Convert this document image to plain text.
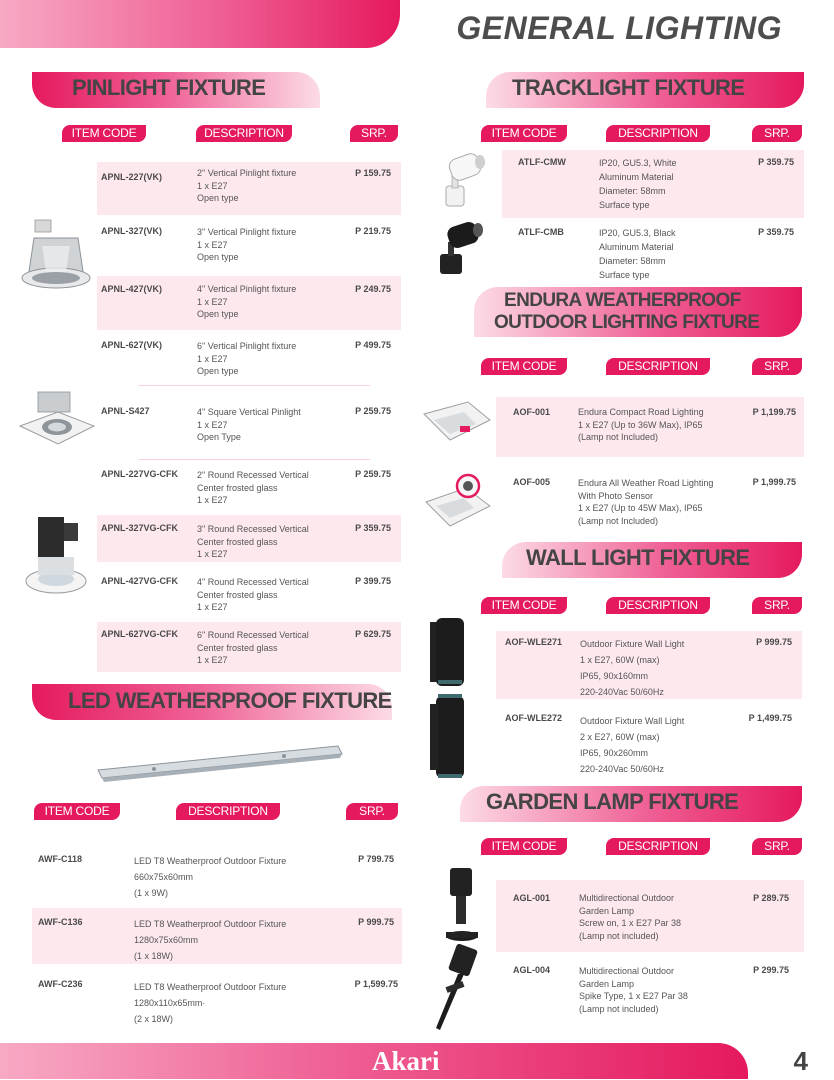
GENERAL LIGHTING
PINLIGHT FIXTURE
ITEM CODE	DESCRIPTION	SRP.
APNL-227(VK)	2" Vertical Pinlight fixture
1 x E27
Open type
P 159.75
APNL-327(VK)	3" Vertical Pinlight fixture
1 x E27
Open type
P 219.75
APNL-427(VK)	4" Vertical Pinlight fixture
1 x E27
Open type
P 249.75
APNL-627(VK)	6" Vertical Pinlight fixture
1 x E27
Open type
P 499.75
APNL-S427	4" Square Vertical Pinlight
1 x E27
Open Type
P 259.75
APNL-227VG-CFK 2" Round Recessed Vertical
Center frosted glass
1 x E27
P 259.75
APNL-327VG-CFK 3" Round Recessed Vertical
Center frosted glass
1 x E27
P 359.75
APNL-427VG-CFK 4" Round Recessed Vertical
Center frosted glass
1 x E27
P 399.75
APNL-627VG-CFK 6" Round Recessed Vertical
Center frosted glass
1 x E27
P 629.75
LED WEATHERPROOF FIXTURE
ITEM CODE	DESCRIPTION	SRP.
AWF-C118	LED T8 Weatherproof Outdoor Fixture
660x75x60mm
(1 x 9W)
P 799.75
AWF-C136	LED T8 Weatherproof Outdoor Fixture
1280x75x60mm
(1 x 18W)
P 999.75
AWF-C236	LED T8 Weatherproof Outdoor Fixture
1280x110x65mm·
(2 x 18W)
P 1,599.75
TRACKLIGHT FIXTURE
ITEM CODE	DESCRIPTION	SRP.
ATLF-CMW	IP20, GU5.3, White
Aluminum Material
Diameter: 58mm
Surface type
P 359.75
ATLF-CMB	IP20, GU5.3, Black
Aluminum Material
Diameter: 58mm
Surface type
P 359.75
ENDURA WEATHERPROOF
OUTDOOR LIGHTING FIXTURE
ITEM CODE	DESCRIPTION	SRP.
AOF-001	Endura Compact Road Lighting
1 x E27 (Up to 36W Max), IP65
(Lamp not Included)
P 1,199.75
AOF-005	Endura All Weather Road Lighting
With Photo Sensor
1 x E27 (Up to 45W Max), IP65
(Lamp not Included)
P 1,999.75
WALL LIGHT FIXTURE
ITEM CODE	DESCRIPTION	SRP.
AOF-WLE271 Outdoor Fixture Wall Light
1 x E27, 60W (max)
IP65, 90x160mm
220-240Vac 50/60Hz
P 999.75
AOF-WLE272 Outdoor Fixture Wall Light
2 x E27, 60W (max)
IP65, 90x260mm
220-240Vac 50/60Hz
P 1,499.75
GARDEN LAMP FIXTURE
ITEM CODE	DESCRIPTION	SRP.
AGL-001	Multidirectional Outdoor
Garden Lamp
Screw on, 1 x E27 Par 38
(Lamp not included)
P 289.75
AGL-004	Multidirectional Outdoor
Garden Lamp
Spike Type, 1 x E27 Par 38
(Lamp not included)
P 299.75
Akari	4
